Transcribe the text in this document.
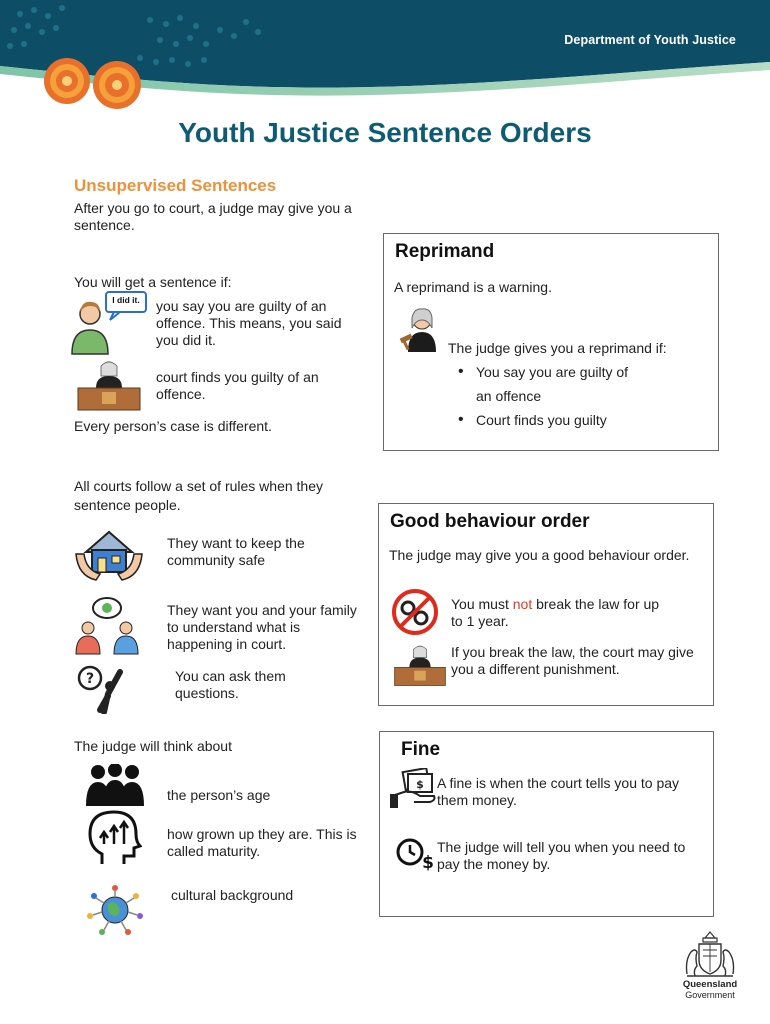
Department of Youth Justice
Youth Justice Sentence Orders
Unsupervised Sentences
After you go to court, a judge may give you a sentence.
You will get a sentence if:
I did it.	you say you are guilty of an offence. This means, you said you did it.
court finds you guilty of an offence.
Every person’s case is different.
All courts follow a set of rules when they sentence people.
They want to keep the community safe
They want you and your family to understand what is happening in court.
?	You can ask them questions.
The judge will think about
the person’s age
how grown up they are. This is called maturity.
cultural background
Reprimand
A reprimand is a warning.
The judge gives you a reprimand if:
• You say you are guilty of
an offence
• Court finds you guilty
Good behaviour order
The judge may give you a good behaviour order.
You must not break the law for up to 1 year.
If you break the law, the court may give you a different punishment.
Fine
$ A fine is when the court tells you to pay them money.
$
The judge will tell you when you need to pay the money by.
Queensland
Government
